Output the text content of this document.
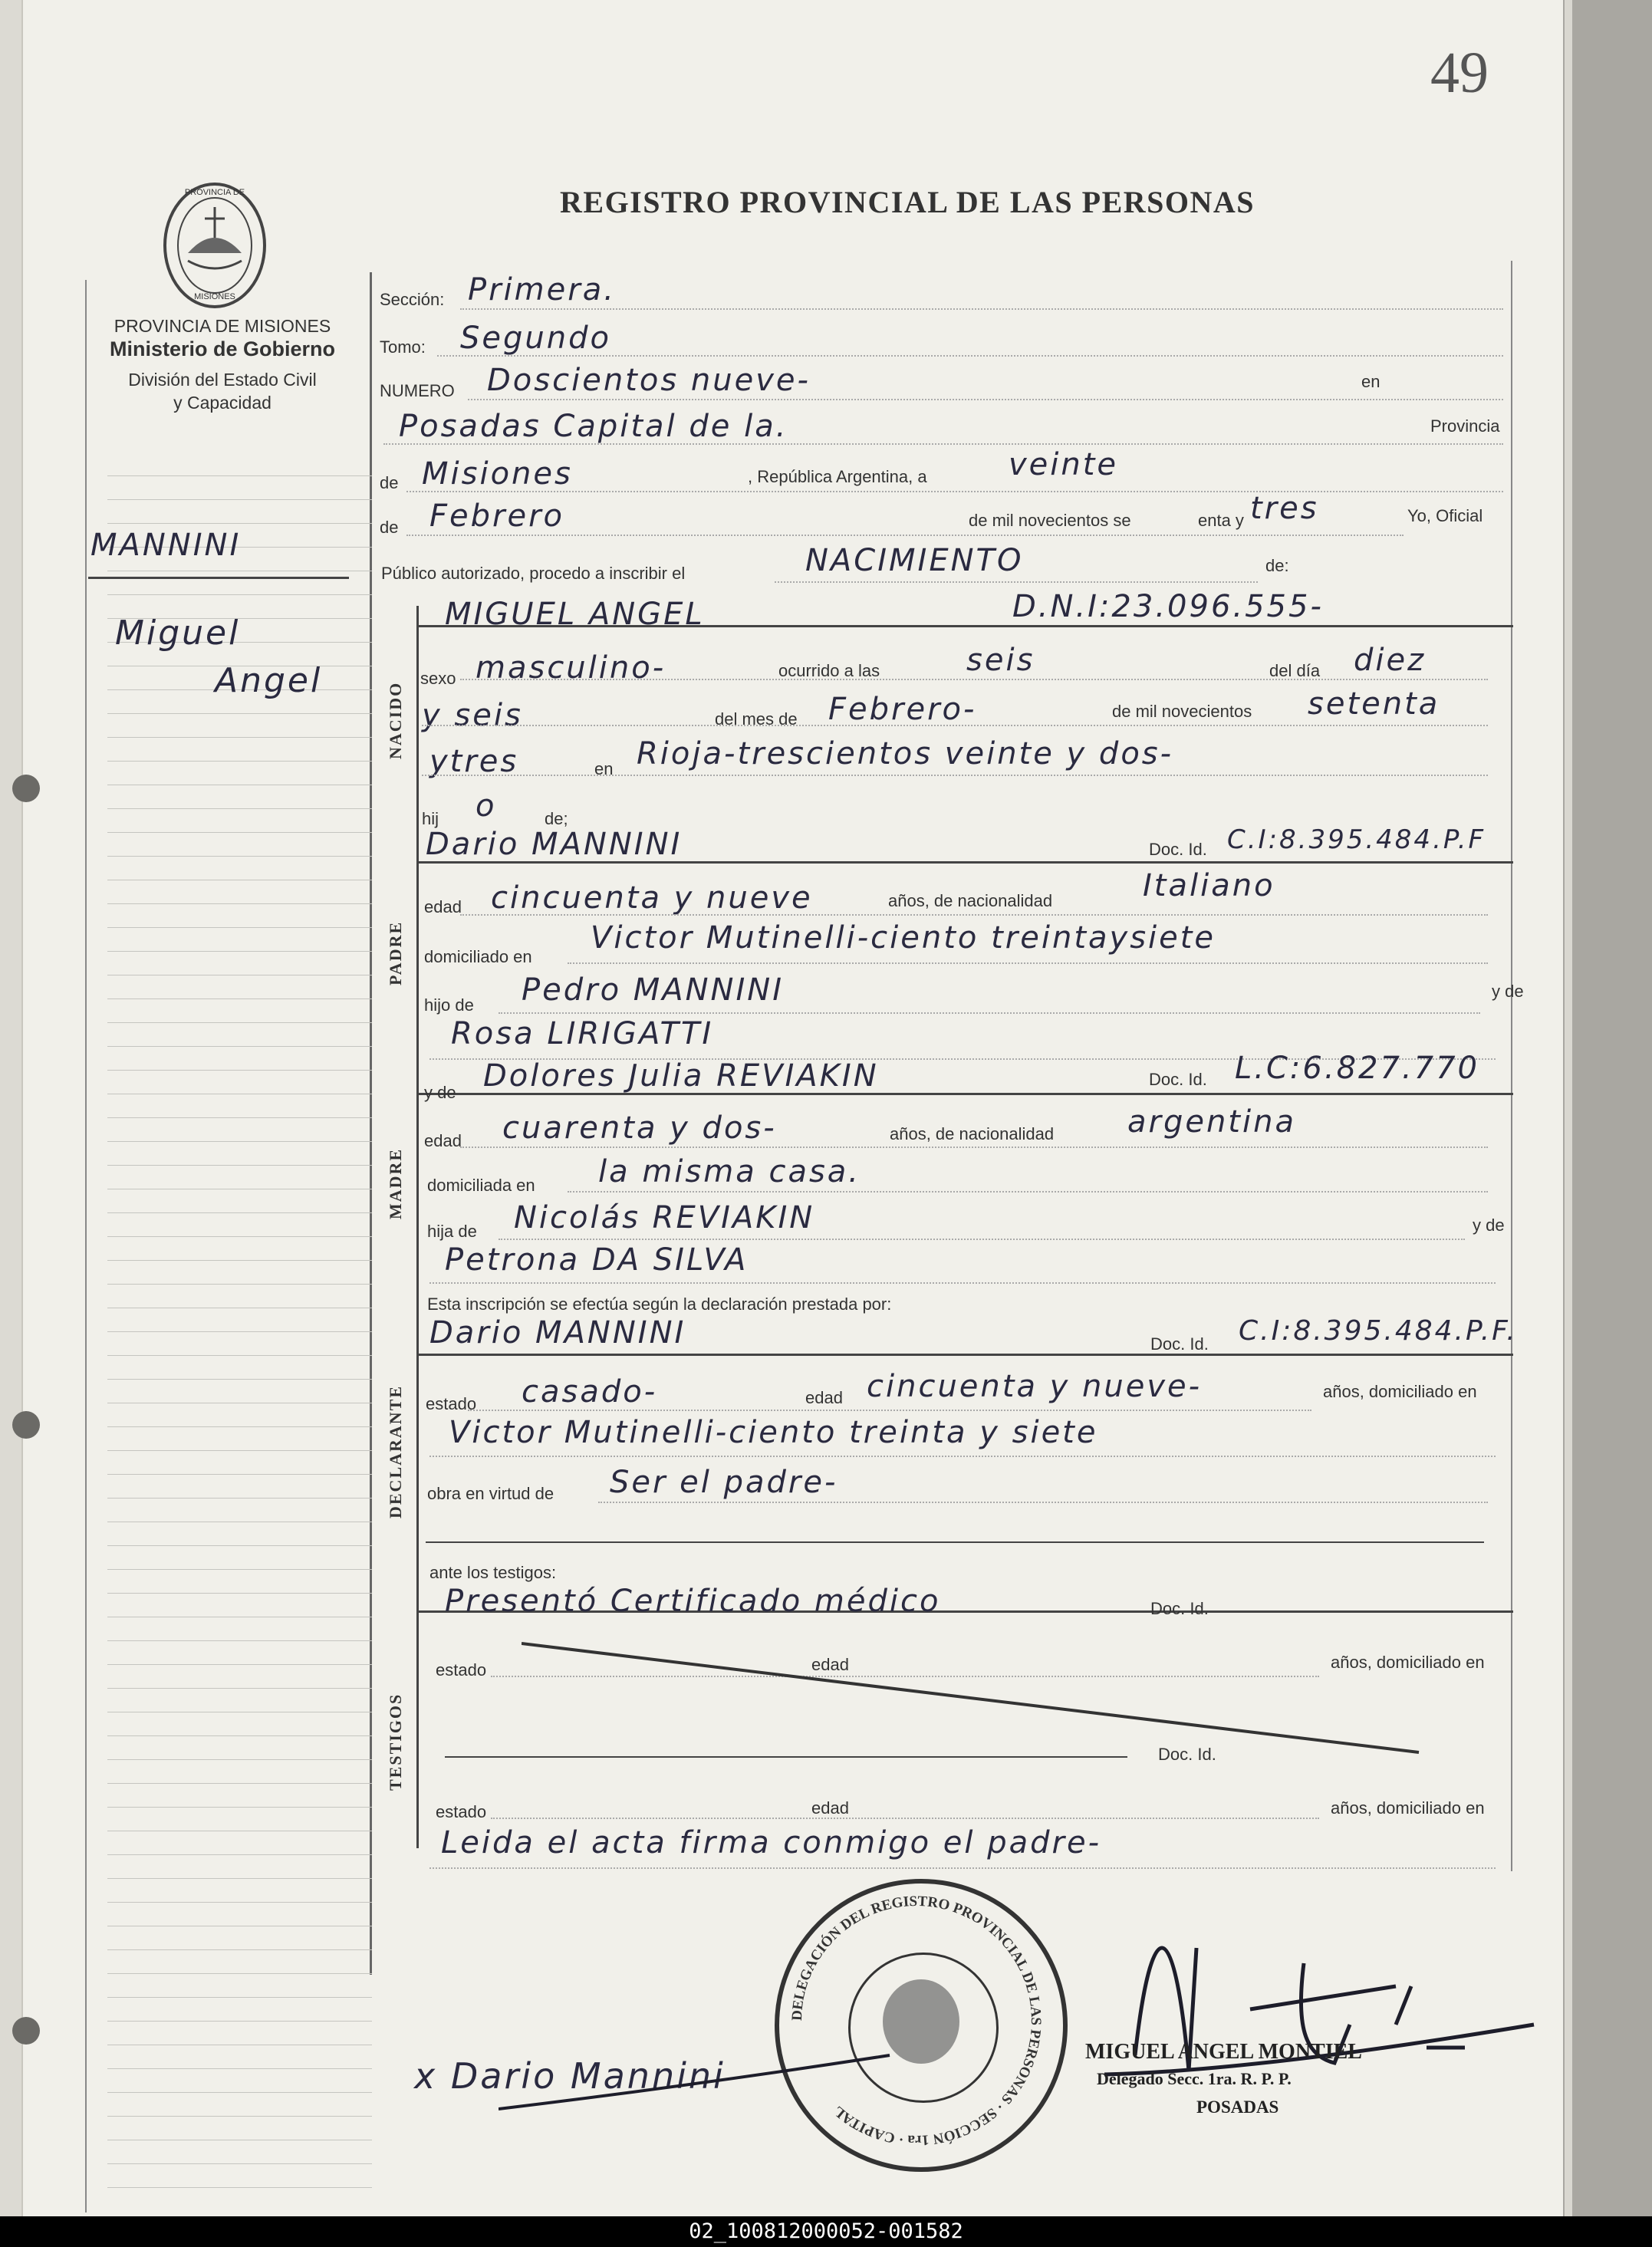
49
PROVINCIA DE
MISIONES
PROVINCIA DE MISIONES
Ministerio de Gobierno
División del Estado Civil
y Capacidad
REGISTRO PROVINCIAL DE LAS PERSONAS
MANNINI
Miguel
Angel
NACIDO
PADRE
MADRE
DECLARANTE
TESTIGOS
Sección: Primera.
Tomo: Segundo
NUMERO Doscientos nueve-	en
Posadas Capital de la.	Provincia
de Misiones	, República Argentina, a	veinte
de Febrero	de mil novecientos se	enta y tres	Yo, Oficial
Público autorizado, procedo a inscribir el	NACIMIENTO	de:
MIGUEL ANGEL	D.N.I:23.096.555-
sexo masculino-	ocurrido a las	seis	del día diez
y seis	del mes de Febrero-	de mil novecientos setenta
ytres	en Rioja-trescientos veinte y dos-
hij o	de;
Dario MANNINI	Doc. Id. C.I:8.395.484.P.F
edad cincuenta y nueve	años, de nacionalidad	Italiano
domiciliado en
Victor Mutinelli-ciento treintaysiete
hijo de Pedro MANNINI	y de
Rosa LIRIGATTI
y de Dolores Julia REVIAKIN	Doc. Id. L.C:6.827.770
edad cuarenta y dos-	años, de nacionalidad argentina
domiciliada en la misma casa.
hija de Nicolás REVIAKIN	y de
Petrona DA SILVA
Esta inscripción se efectúa según la declaración prestada por:
Dario MANNINI	Doc. Id. C.I:8.395.484.P.F.
estado casado-	edad cincuenta y nueve-	años, domiciliado en
Victor Mutinelli-ciento treinta y siete
obra en virtud de Ser el padre-
ante los testigos:
Presentó Certificado médico	Doc. Id.
estado	edad	años, domiciliado en
Doc. Id.
estado	edad	años, domiciliado en
Leida el acta firma conmigo el padre-
DELEGACIÓN DEL REGISTRO PROVINCIAL DE LAS PERSONAS · SECCIÓN 1ra · CAPITAL
x Dario Mannini
MIGUEL ANGEL MONTIEL
Delegado Secc. 1ra. R. P. P.
POSADAS
02_100812000052-001582
